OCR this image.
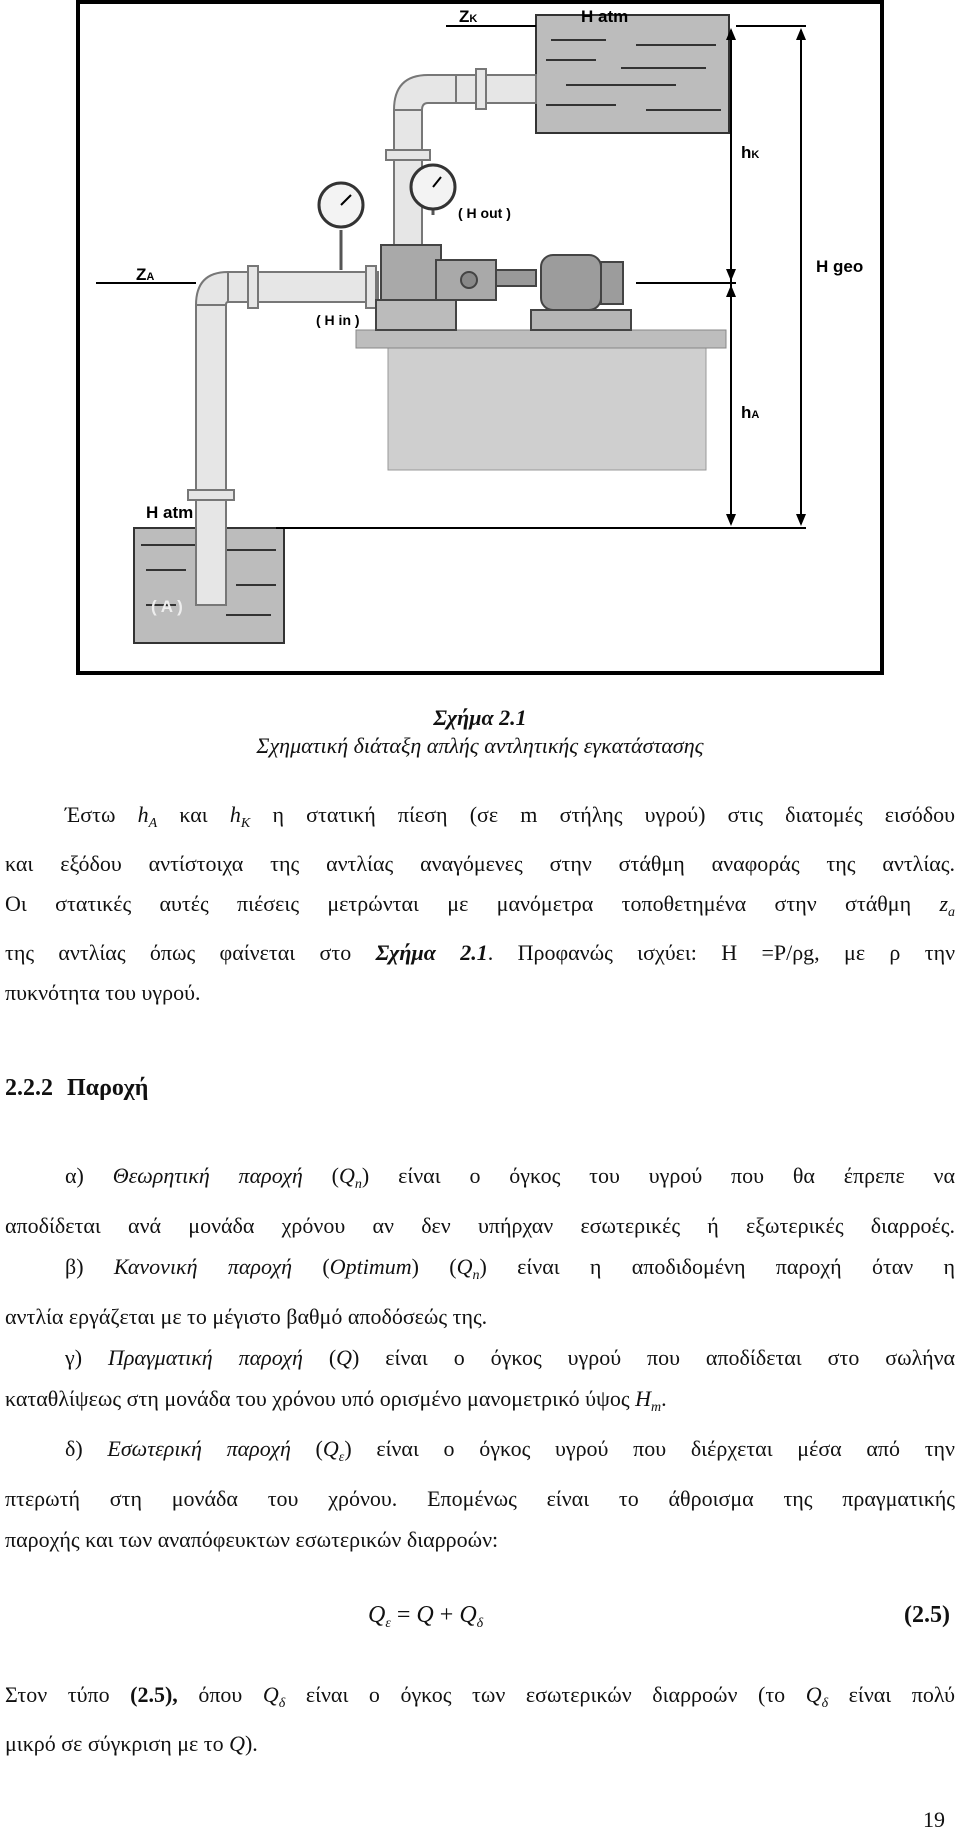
ZK	H atm
hK
( H out )
ZA
H geo
( H in )
hA
H atm
( A )
Σχήμα 2.1
Σχηματική διάταξη απλής αντλητικής εγκατάστασης
Έστω $h_A$ και $h_K$ η στατική πίεση (σε m στήλης υγρού) στις διατομές εισόδου
και εξόδου αντίστοιχα της αντλίας αναγόμενες στην στάθμη αναφοράς της αντλίας.
Οι στατικές αυτές πιέσεις μετρώνται με μανόμετρα τοποθετημένα στην στάθμη $z_a$
της αντλίας όπως φαίνεται στο Σχήμα 2.1. Προφανώς ισχύει: H =P/ρg, με ρ την
πυκνότητα του υγρού.
2.2.2 Παροχή
α) Θεωρητική παροχή $(Q_n)$ είναι ο όγκος του υγρού που θα έπρεπε να
αποδίδεται ανά μονάδα χρόνου αν δεν υπήρχαν εσωτερικές ή εξωτερικές διαρροές.
β) Κανονική παροχή (Optimum) $(Q_n)$ είναι η αποδιδομένη παροχή όταν η
αντλία εργάζεται με το μέγιστο βαθμό αποδόσεώς της.
γ) Πραγματική παροχή (Q) είναι ο όγκος υγρού που αποδίδεται στο σωλήνα
καταθλίψεως στη μονάδα του χρόνου υπό ορισμένο μανομετρικό ύψος $H_m$.
δ) Εσωτερική παροχή $(Q_\varepsilon)$ είναι ο όγκος υγρού που διέρχεται μέσα από την
πτερωτή στη μονάδα του χρόνου. Επομένως είναι το άθροισμα της πραγματικής
παροχής και των αναπόφευκτων εσωτερικών διαρροών:
$Q_\varepsilon = Q + Q_\delta$	(2.5)
Στον τύπο (2.5), όπου $Q_\delta$ είναι ο όγκος των εσωτερικών διαρροών (το $Q_\delta$ είναι πολύ
μικρό σε σύγκριση με το Q).
19
